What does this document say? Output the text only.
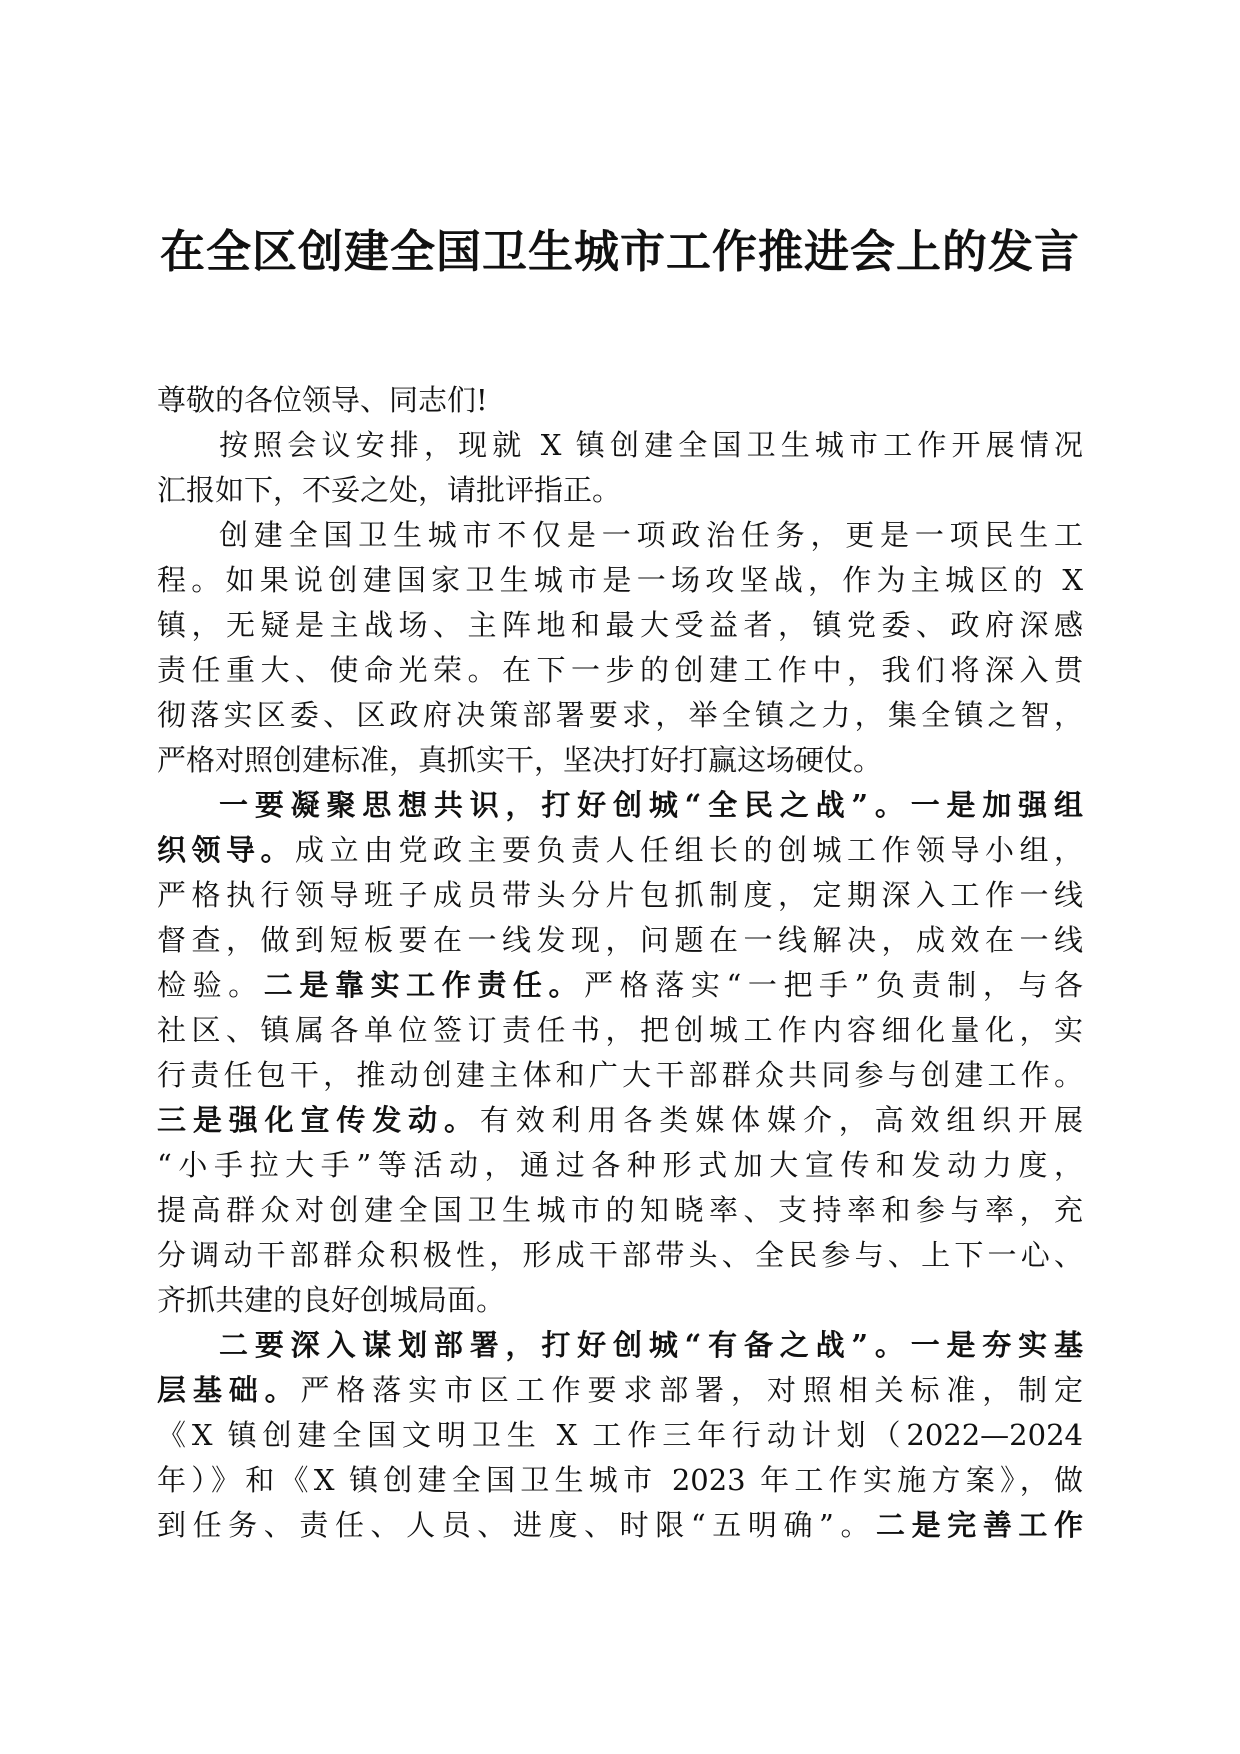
在全区创建全国卫生城市工作推进会上的发言
尊敬的各位领导、同志们!
按照会议安排，现就 X 镇创建全国卫生城市工作开展情况
汇报如下，不妥之处，请批评指正。
创建全国卫生城市不仅是一项政治任务，更是一项民生工
程。如果说创建国家卫生城市是一场攻坚战，作为主城区的 X
镇，无疑是主战场、主阵地和最大受益者，镇党委、政府深感
责任重大、使命光荣。在下一步的创建工作中，我们将深入贯
彻落实区委、区政府决策部署要求，举全镇之力，集全镇之智，
严格对照创建标准，真抓实干，坚决打好打赢这场硬仗。
一要凝聚思想共识，打好创城“全民之战”。一是加强组
织领导。成立由党政主要负责人任组长的创城工作领导小组，
严格执行领导班子成员带头分片包抓制度，定期深入工作一线
督查，做到短板要在一线发现，问题在一线解决，成效在一线
检验。二是靠实工作责任。严格落实“一把手”负责制，与各
社区、镇属各单位签订责任书，把创城工作内容细化量化，实
行责任包干，推动创建主体和广大干部群众共同参与创建工作。
三是强化宣传发动。有效利用各类媒体媒介，高效组织开展
“小手拉大手”等活动，通过各种形式加大宣传和发动力度，
提高群众对创建全国卫生城市的知晓率、支持率和参与率，充
分调动干部群众积极性，形成干部带头、全民参与、上下一心、
齐抓共建的良好创城局面。
二要深入谋划部署，打好创城“有备之战”。一是夯实基
层基础。严格落实市区工作要求部署，对照相关标准，制定
《X 镇创建全国文明卫生 X 工作三年行动计划（2022—2024
年）》和《X 镇创建全国卫生城市 2023 年工作实施方案》，做
到任务、责任、人员、进度、时限“五明确”。二是完善工作
